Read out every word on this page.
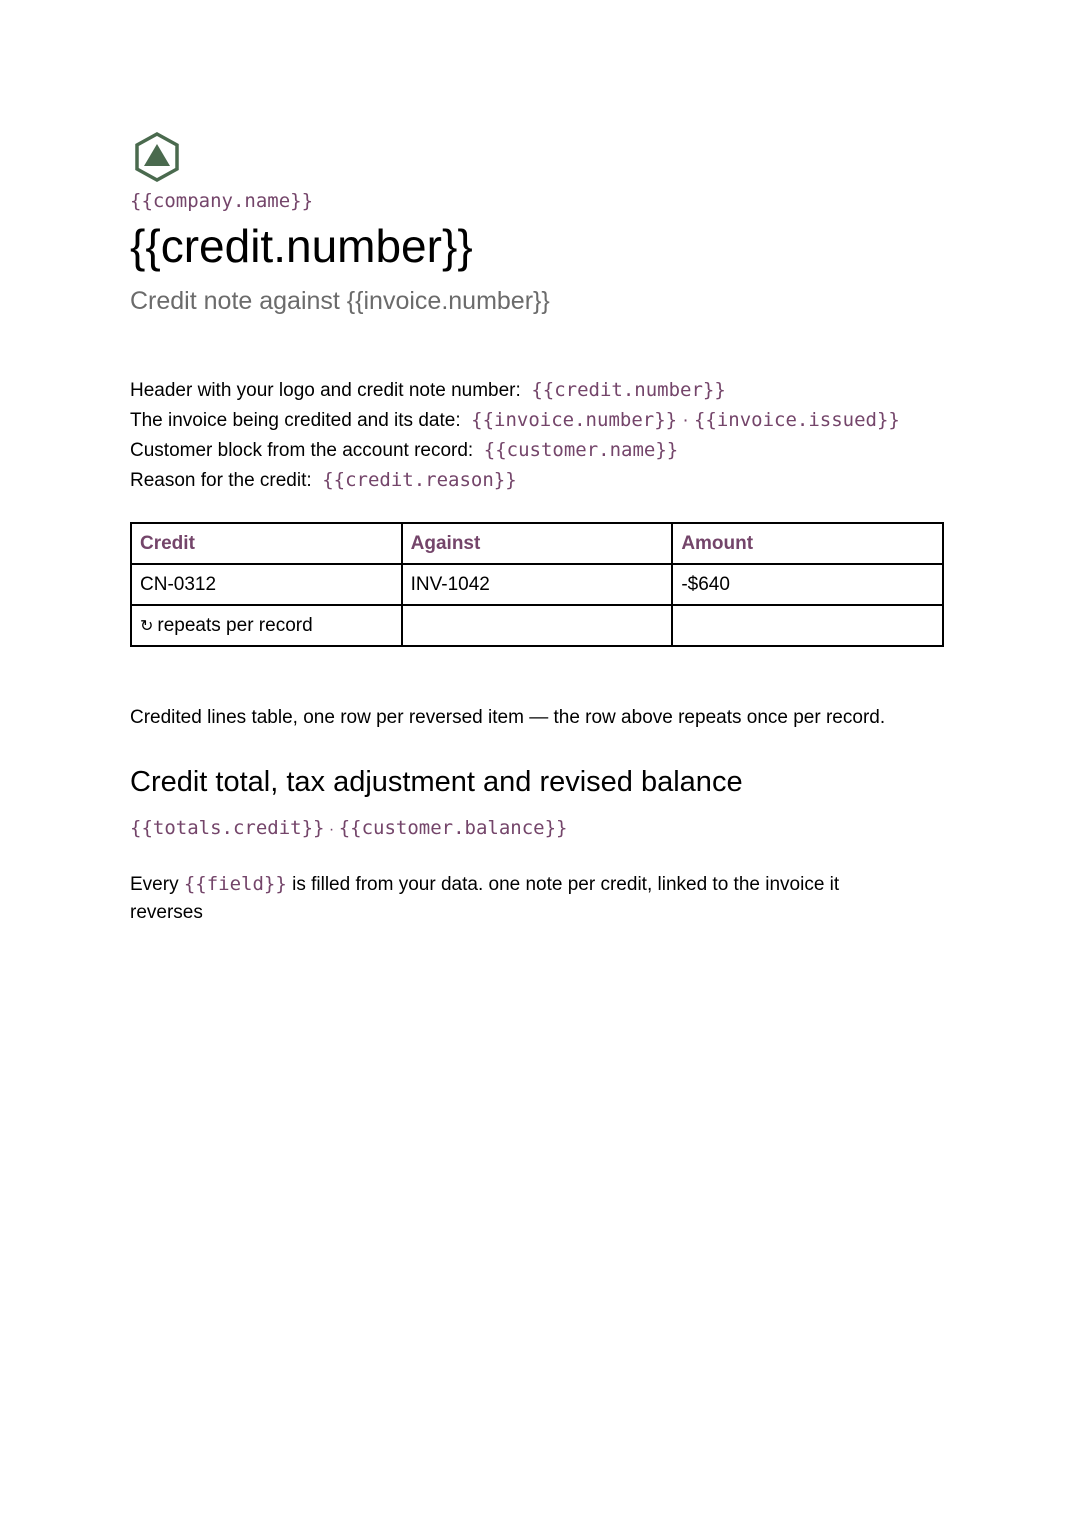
{{company.name}}
{{credit.number}}
Credit note against {{invoice.number}}
Header with your logo and credit note number: {{credit.number}}
The invoice being credited and its date: {{invoice.number}} · {{invoice.issued}}
Customer block from the account record: {{customer.name}}
Reason for the credit: {{credit.reason}}
Credit	Against	Amount
CN-0312	INV-1042	-$640
↻ repeats per record		
Credited lines table, one row per reversed item — the row above repeats once per record.
Credit total, tax adjustment and revised balance
{{totals.credit}} · {{customer.balance}}
Every {{field}} is filled from your data. one note per credit, linked to the invoice it reverses
